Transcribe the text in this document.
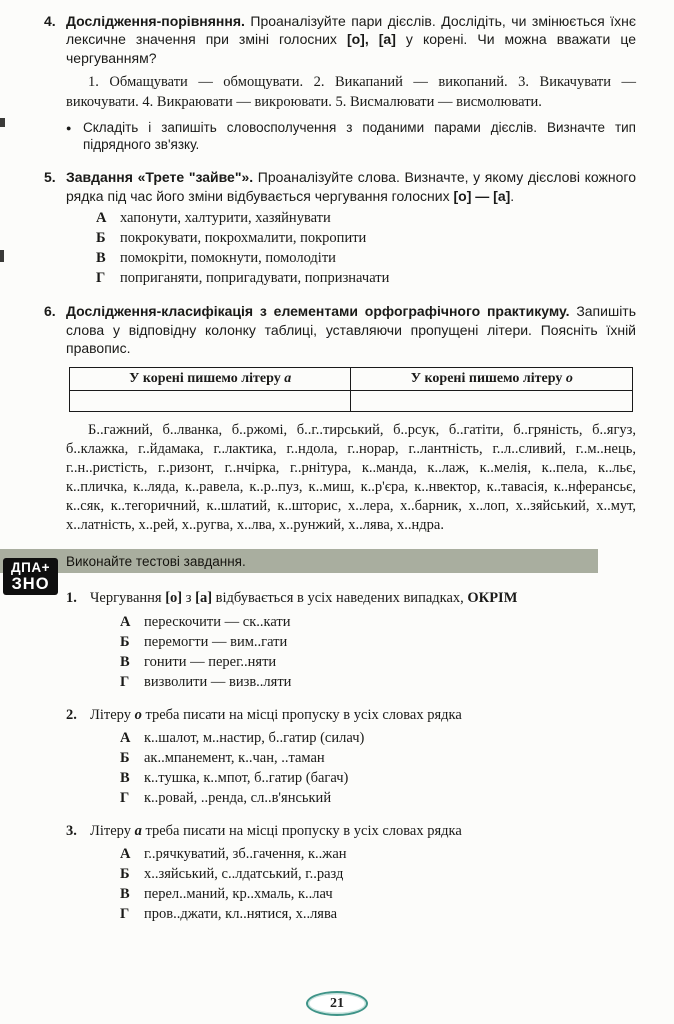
4. Дослідження-порівняння. Проаналізуйте пари дієслів. Дослідіть, чи змінюється їхнє лексичне значення при зміні голосних [о], [а] у корені. Чи можна вважати це чергуванням?

1. Обмащувати — обмощувати. 2. Викапаний — викопаний. 3. Викачувати — викочувати. 4. Викраювати — викроювати. 5. Висмалювати — висмолювати.

● Складіть і запишіть словосполучення з поданими парами дієслів. Визначте тип підрядного зв'язку.
5. Завдання «Трете "зайве"». Проаналізуйте слова. Визначте, у якому дієслові кожного рядка під час його зміни відбувається чергування голосних [о] — [а].

А хапонути, халтурити, хазяйнувати
Б покрокувати, покрохмалити, покропити
В помокріти, помокнути, помолодіти
Г	поприганяти, попригадувати, попризначати
6. Дослідження-класифікація з елементами орфографічного практикуму. Запишіть слова у відповідну колонку таблиці, уставляючи пропущені літери. Поясніть їхній правопис.

У корені пишемо літеру а	У корені пишемо літеру о

Б..гажний, б..лванка, б..ржомі, б..г..тирський, б..рсук, б..гатіти, б..гряність, б..ягуз, б..клажка, г..йдамака, г..лактика, г..ндола, г..норар, г..лантність, г..л..сливий, г..м..нець, г..н..ристість, г..ризонт, г..нчірка, г..рнітура, к..манда, к..лаж, к..мелія, к..пела, к..льє, к..пличка, к..ляда, к..равела, к..р..пуз, к..миш, к..р'єра, к..нвектор, к..тавасія, к..нферансьє, к..сяк, к..тегоричний, к..шлатий, к..шторис, х..лера, х..барник, х..лоп, х..зяйський, х..мут, х..латність, х..рей, х..ругва, х..лва, х..рунжий, х..лява, х..ндра.

Виконайте тестові завдання.
ДПА+
ЗНО
1. Чергування [о] з [а] відбувається в усіх наведених випадках, ОКРІМ

А перескочити — ск..кати
Б перемогти — вим..гати
В гонити — перег..няти
Г	визволити — визв..ляти
2. Літеру о треба писати на місці пропуску в усіх словах рядка

А к..шалот, м..настир, б..гатир (силач)
Б ак..мпанемент, к..чан, ..таман
В к..тушка, к..мпот, б..гатир (багач)
Г	к..ровай, ..ренда, сл..в'янський
3. Літеру а треба писати на місці пропуску в усіх словах рядка

А г..рячкуватий, зб..гачення, к..жан
Б х..зяйський, с..лдатський, г..разд
В перел..маний, кр..хмаль, к..лач
Г	пров..джати, кл..нятися, х..лява
21
